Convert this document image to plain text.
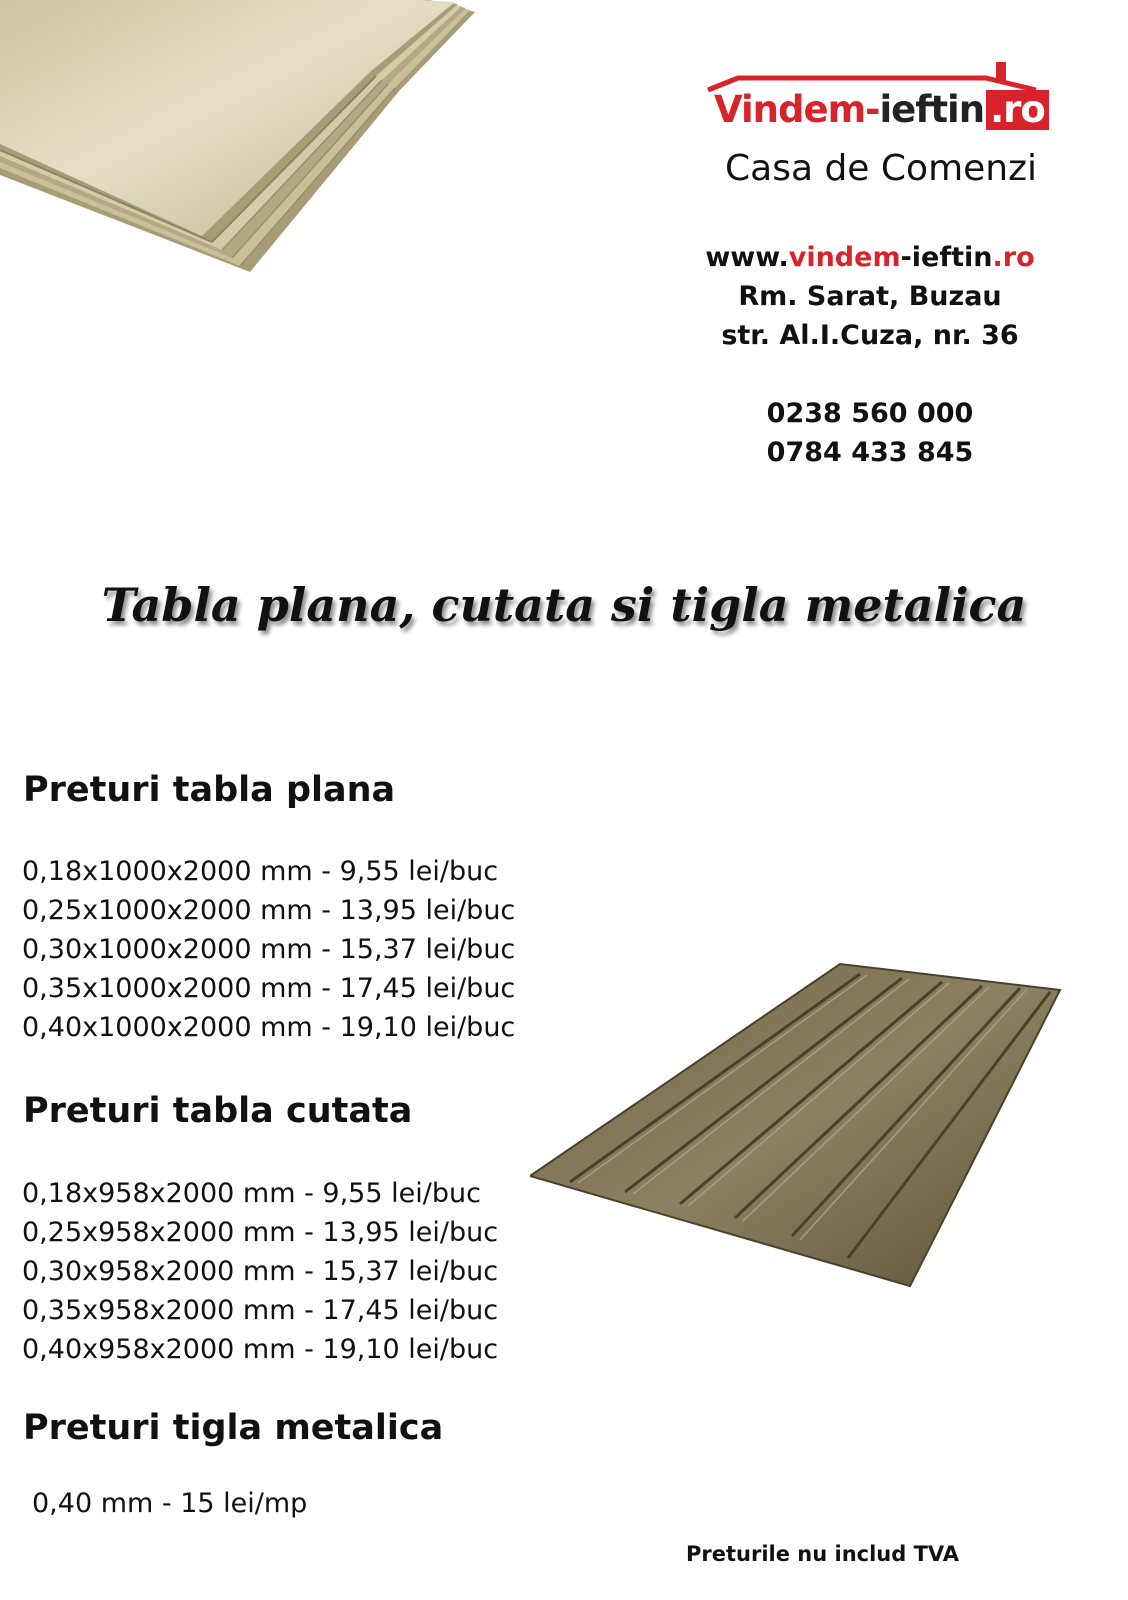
Vindem-ieftin .ro
Casa de Comenzi
www.vindem-ieftin.ro
Rm. Sarat, Buzau
str. Al.I.Cuza, nr. 36
0238 560 000
0784 433 845
Tabla plana, cutata si tigla metalica
Preturi tabla plana
0,18x1000x2000 mm - 9,55 lei/buc
0,25x1000x2000 mm - 13,95 lei/buc
0,30x1000x2000 mm - 15,37 lei/buc
0,35x1000x2000 mm - 17,45 lei/buc
0,40x1000x2000 mm - 19,10 lei/buc
Preturi tabla cutata
0,18x958x2000 mm - 9,55 lei/buc
0,25x958x2000 mm - 13,95 lei/buc
0,30x958x2000 mm - 15,37 lei/buc
0,35x958x2000 mm - 17,45 lei/buc
0,40x958x2000 mm - 19,10 lei/buc
Preturi tigla metalica
0,40 mm - 15 lei/mp
Preturile nu includ TVA
